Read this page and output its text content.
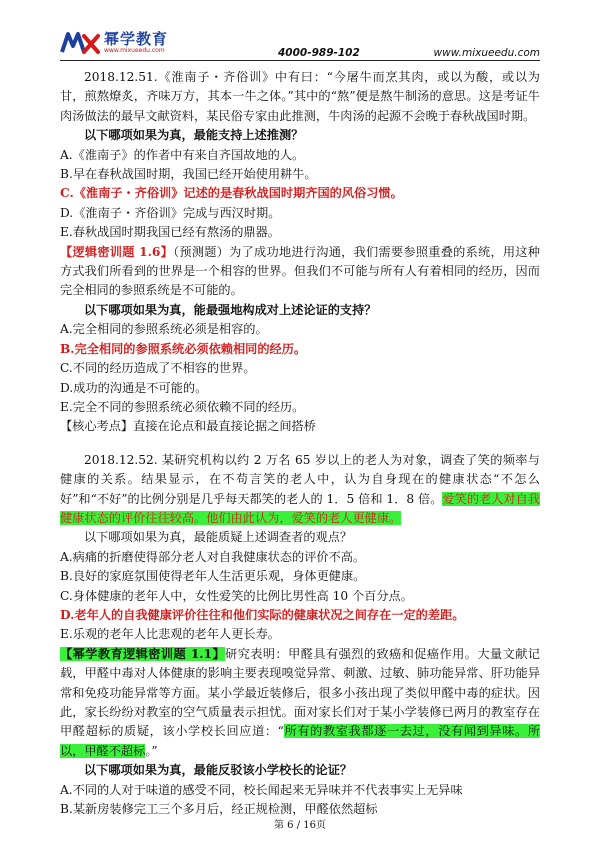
幂学教育
www.mixueedu.com	4000-989-102	www.mixueedu.com

2018.12.51.《淮南子・齐俗训》中有曰：“今屠牛而烹其肉，或以为酸，或以为甘，煎熬燎炙，齐味万方，其本一牛之体。”其中的“熬”便是熬牛制汤的意思。这是考证牛肉汤做法的最早文献资料，某民俗专家由此推测，牛肉汤的起源不会晚于春秋战国时期。

以下哪项如果为真，最能支持上述推测？

A.《淮南子》的作者中有来自齐国故地的人。

B.早在春秋战国时期，我国已经开始使用耕牛。

C.《淮南子・齐俗训》记述的是春秋战国时期齐国的风俗习惯。

D.《淮南子・齐俗训》完成与西汉时期。

E.春秋战国时期我国已经有熬汤的鼎器。

【逻辑密训题 1.6】（预测题）为了成功地进行沟通，我们需要参照重叠的系统，用这种方式我们所看到的世界是一个相容的世界。但我们不可能与所有人有着相同的经历，因而完全相同的参照系统是不可能的。

以下哪项如果为真，能最强地构成对上述论证的支持？

A.完全相同的参照系统必须是相容的。

B.完全相同的参照系统必须依赖相同的经历。

C.不同的经历造成了不相容的世界。

D.成功的沟通是不可能的。

E.完全不同的参照系统必须依赖不同的经历。

【核心考点】直接在论点和最直接论据之间搭桥

2018.12.52. 某研究机构以约 2 万名 65 岁以上的老人为对象，调查了笑的频率与健康的关系。结果显示，在不苟言笑的老人中，认为自身现在的健康状态“不怎么好”和“不好”的比例分别是几乎每天都笑的老人的 1．5 倍和 1．8 倍。爱笑的老人对自我健康状态的评价往往较高。他们由此认为，爱笑的老人更健康。

以下哪项如果为真，最能质疑上述调查者的观点？

A.病痛的折磨使得部分老人对自我健康状态的评价不高。

B.良好的家庭氛围使得老年人生活更乐观，身体更健康。

C.身体健康的老年人中，女性爱笑的比例比男性高 10 个百分点。

D.老年人的自我健康评价往往和他们实际的健康状况之间存在一定的差距。

E.乐观的老年人比悲观的老年人更长寿。

【幂学教育逻辑密训题 1.1】研究表明：甲醛具有强烈的致癌和促癌作用。大量文献记载，甲醛中毒对人体健康的影响主要表现嗅觉异常、刺激、过敏、肺功能异常、肝功能异常和免疫功能异常等方面。某小学最近装修后，很多小孩出现了类似甲醛中毒的症状。因此，家长纷纷对教室的空气质量表示担忧。面对家长们对于某小学装修已两月的教室存在甲醛超标的质疑，该小学校长回应道：“所有的教室我都逐一去过，没有闻到异味。所以，甲醛不超标。”

以下哪项如果为真，最能反驳该小学校长的论证？

A.不同的人对于味道的感受不同，校长闻起来无异味并不代表事实上无异味

B.某新房装修完工三个多月后，经正规检测，甲醛依然超标

第 6 / 16页
